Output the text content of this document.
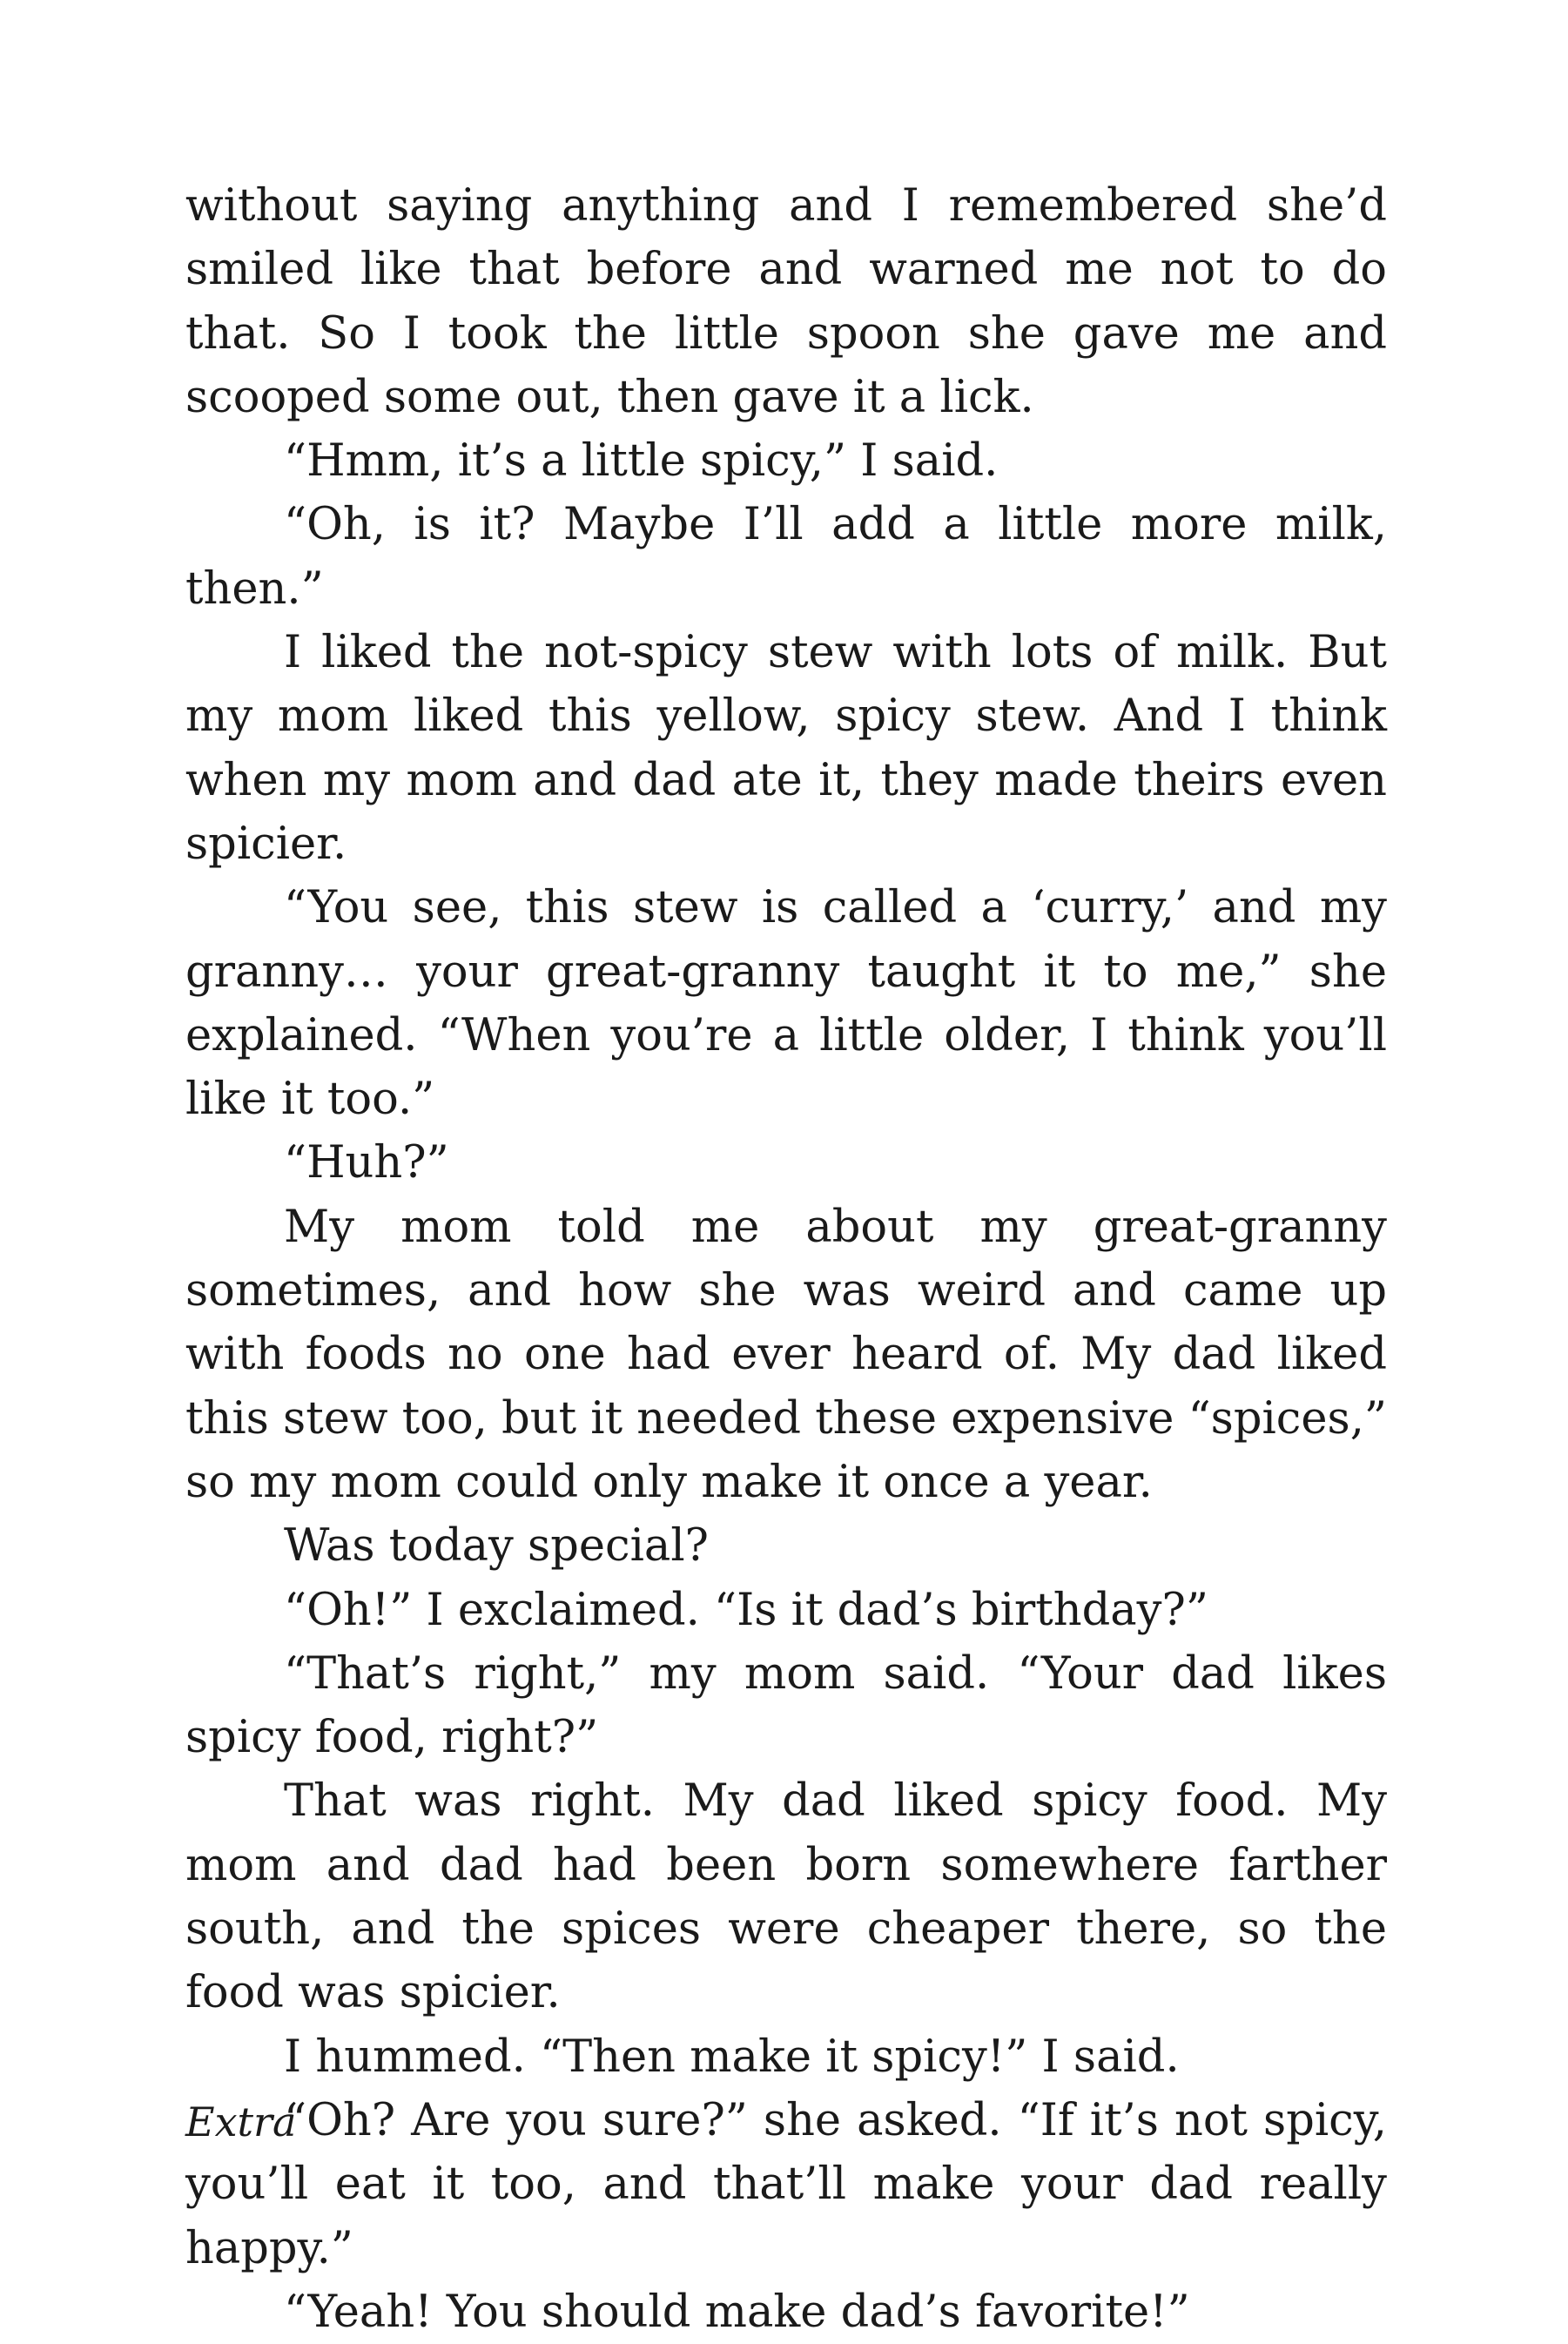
without saying anything and I remembered she’d smiled like that before and warned me not to do that. So I took the little spoon she gave me and scooped some out, then gave it a lick.

“Hmm, it’s a little spicy,” I said.

“Oh, is it? Maybe I’ll add a little more milk, then.”

I liked the not-spicy stew with lots of milk. But my mom liked this yellow, spicy stew. And I think when my mom and dad ate it, they made theirs even spicier.

“You see, this stew is called a ‘curry,’ and my granny… your great-granny taught it to me,” she explained. “When you’re a little older, I think you’ll like it too.”

“Huh?”

My mom told me about my great-granny sometimes, and how she was weird and came up with foods no one had ever heard of. My dad liked this stew too, but it needed these expensive “spices,” so my mom could only make it once a year.

Was today special?

“Oh!” I exclaimed. “Is it dad’s birthday?”

“That’s right,” my mom said. “Your dad likes spicy food, right?”

That was right. My dad liked spicy food. My mom and dad had been born somewhere farther south, and the spices were cheaper there, so the food was spicier.

I hummed. “Then make it spicy!” I said.

“Oh? Are you sure?” she asked. “If it’s not spicy, you’ll eat it too, and that’ll make your dad really happy.”

“Yeah! You should make dad’s favorite!”

Extra
